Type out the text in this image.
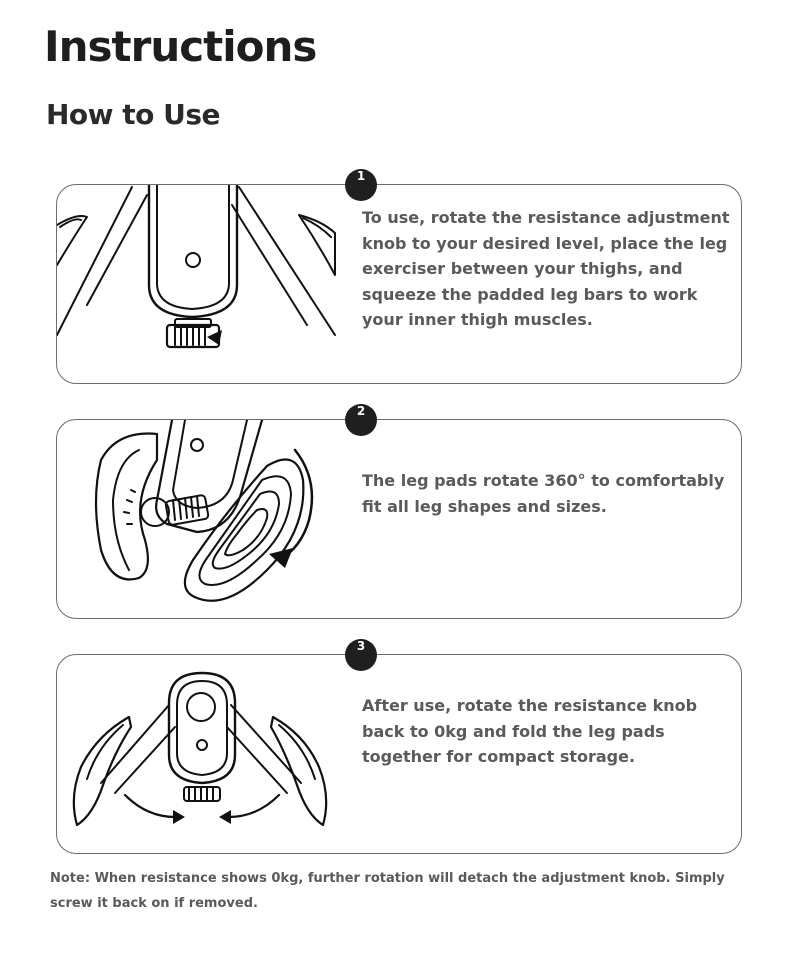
Instructions
How to Use
1

To use, rotate the resistance adjustment knob to your desired level, place the leg exerciser between your thighs, and squeeze the padded leg bars to work your inner thigh muscles.

2

The leg pads rotate 360° to comfortably fit all leg shapes and sizes.

3

After use, rotate the resistance knob back to 0kg and fold the leg pads together for compact storage.

Note: When resistance shows 0kg, further rotation will detach the adjustment knob. Simply screw it back on if removed.
